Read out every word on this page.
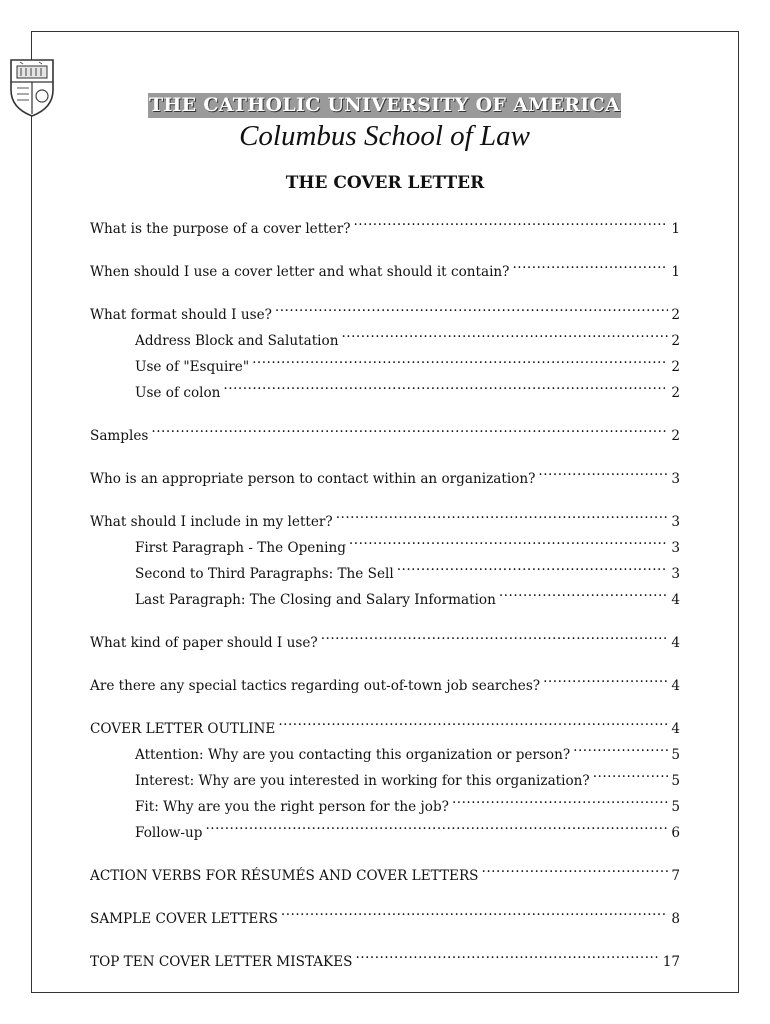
THE CATHOLIC UNIVERSITY OF AMERICA
Columbus School of Law
THE COVER LETTER
What is the purpose of a cover letter? .....	1
When should I use a cover letter and what should it contain? .....	1
What format should I use? .....	2
Address Block and Salutation .....	2
Use of "Esquire" .....	2
Use of colon .....	2
Samples .....	2
Who is an appropriate person to contact within an organization? .....	3
What should I include in my letter? .....	3
First Paragraph - The Opening .....	3
Second to Third Paragraphs: The Sell .....	3
Last Paragraph: The Closing and Salary Information .....	4
What kind of paper should I use? .....	4
Are there any special tactics regarding out-of-town job searches? .....	4
COVER LETTER OUTLINE .....	4
Attention: Why are you contacting this organization or person? .....	5
Interest: Why are you interested in working for this organization? .....	5
Fit: Why are you the right person for the job? .....	5
Follow-up .....	6
ACTION VERBS FOR RÉSUMÉS AND COVER LETTERS .....	7
SAMPLE COVER LETTERS .....	8
TOP TEN COVER LETTER MISTAKES .....	17
